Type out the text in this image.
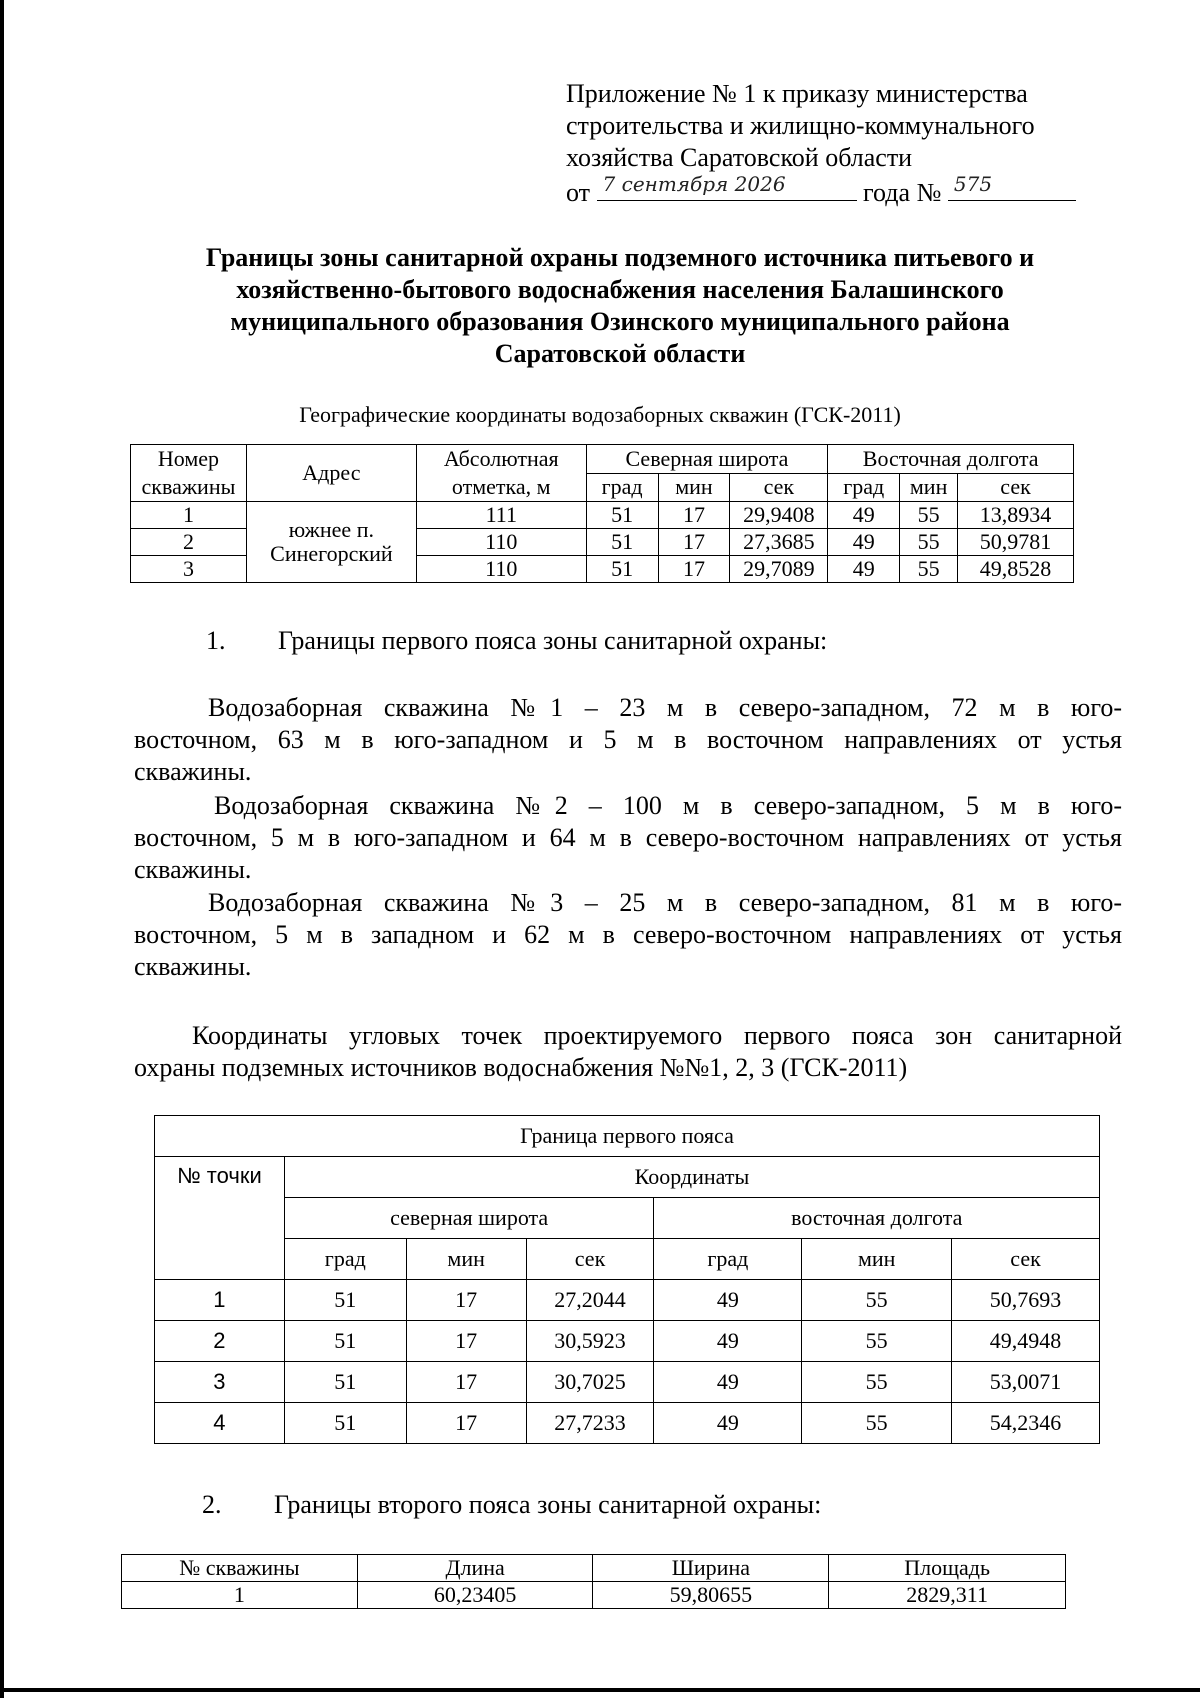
Приложение № 1 к приказу министерства
строительства и жилищно-коммунального
хозяйства Саратовской области
от 7 сентября 2026	года № 575
Границы зоны санитарной охраны подземного источника питьевого и
хозяйственно-бытового водоснабжения населения Балашинского
муниципального образования Озинского муниципального района
Саратовской области
Географические координаты водозаборных скважин (ГСК-2011)
Номер скважины	Адрес	Абсолютная отметка, м	Северная широта			Восточная долгота		
			град	мин	сек	град	мин	сек
1	южнее п. Синегорский	111	51	17	29,9408	49	55	13,8934
2		110	51	17	27,3685	49	55	50,9781
3		110	51	17	29,7089	49	55	49,8528
1. Границы первого пояса зоны санитарной охраны:
Водозаборная скважина №1 – 23 м в северо-западном, 72 м в юго-
восточном, 63 м в юго-западном и 5 м в восточном направлениях от устья
скважины.
Водозаборная скважина №2 – 100 м в северо-западном, 5 м в юго-
восточном, 5 м в юго-западном и 64 м в северо-восточном направлениях от устья
скважины.
Водозаборная скважина №3 – 25 м в северо-западном, 81 м в юго-
восточном, 5 м в западном и 62 м в северо-восточном направлениях от устья
скважины.
Координаты угловых точек проектируемого первого пояса зон санитарной
охраны подземных источников водоснабжения №№1, 2, 3 (ГСК-2011)
Граница первого пояса						
№ точки	Координаты					
	северная широта			восточная долгота		
	град	мин	сек	град	мин	сек
1	51	17	27,2044	49	55	50,7693
2	51	17	30,5923	49	55	49,4948
3	51	17	30,7025	49	55	53,0071
4	51	17	27,7233	49	55	54,2346
2. Границы второго пояса зоны санитарной охраны:
№ скважины	Длина	Ширина	Площадь
1	60,23405	59,80655	2829,311
